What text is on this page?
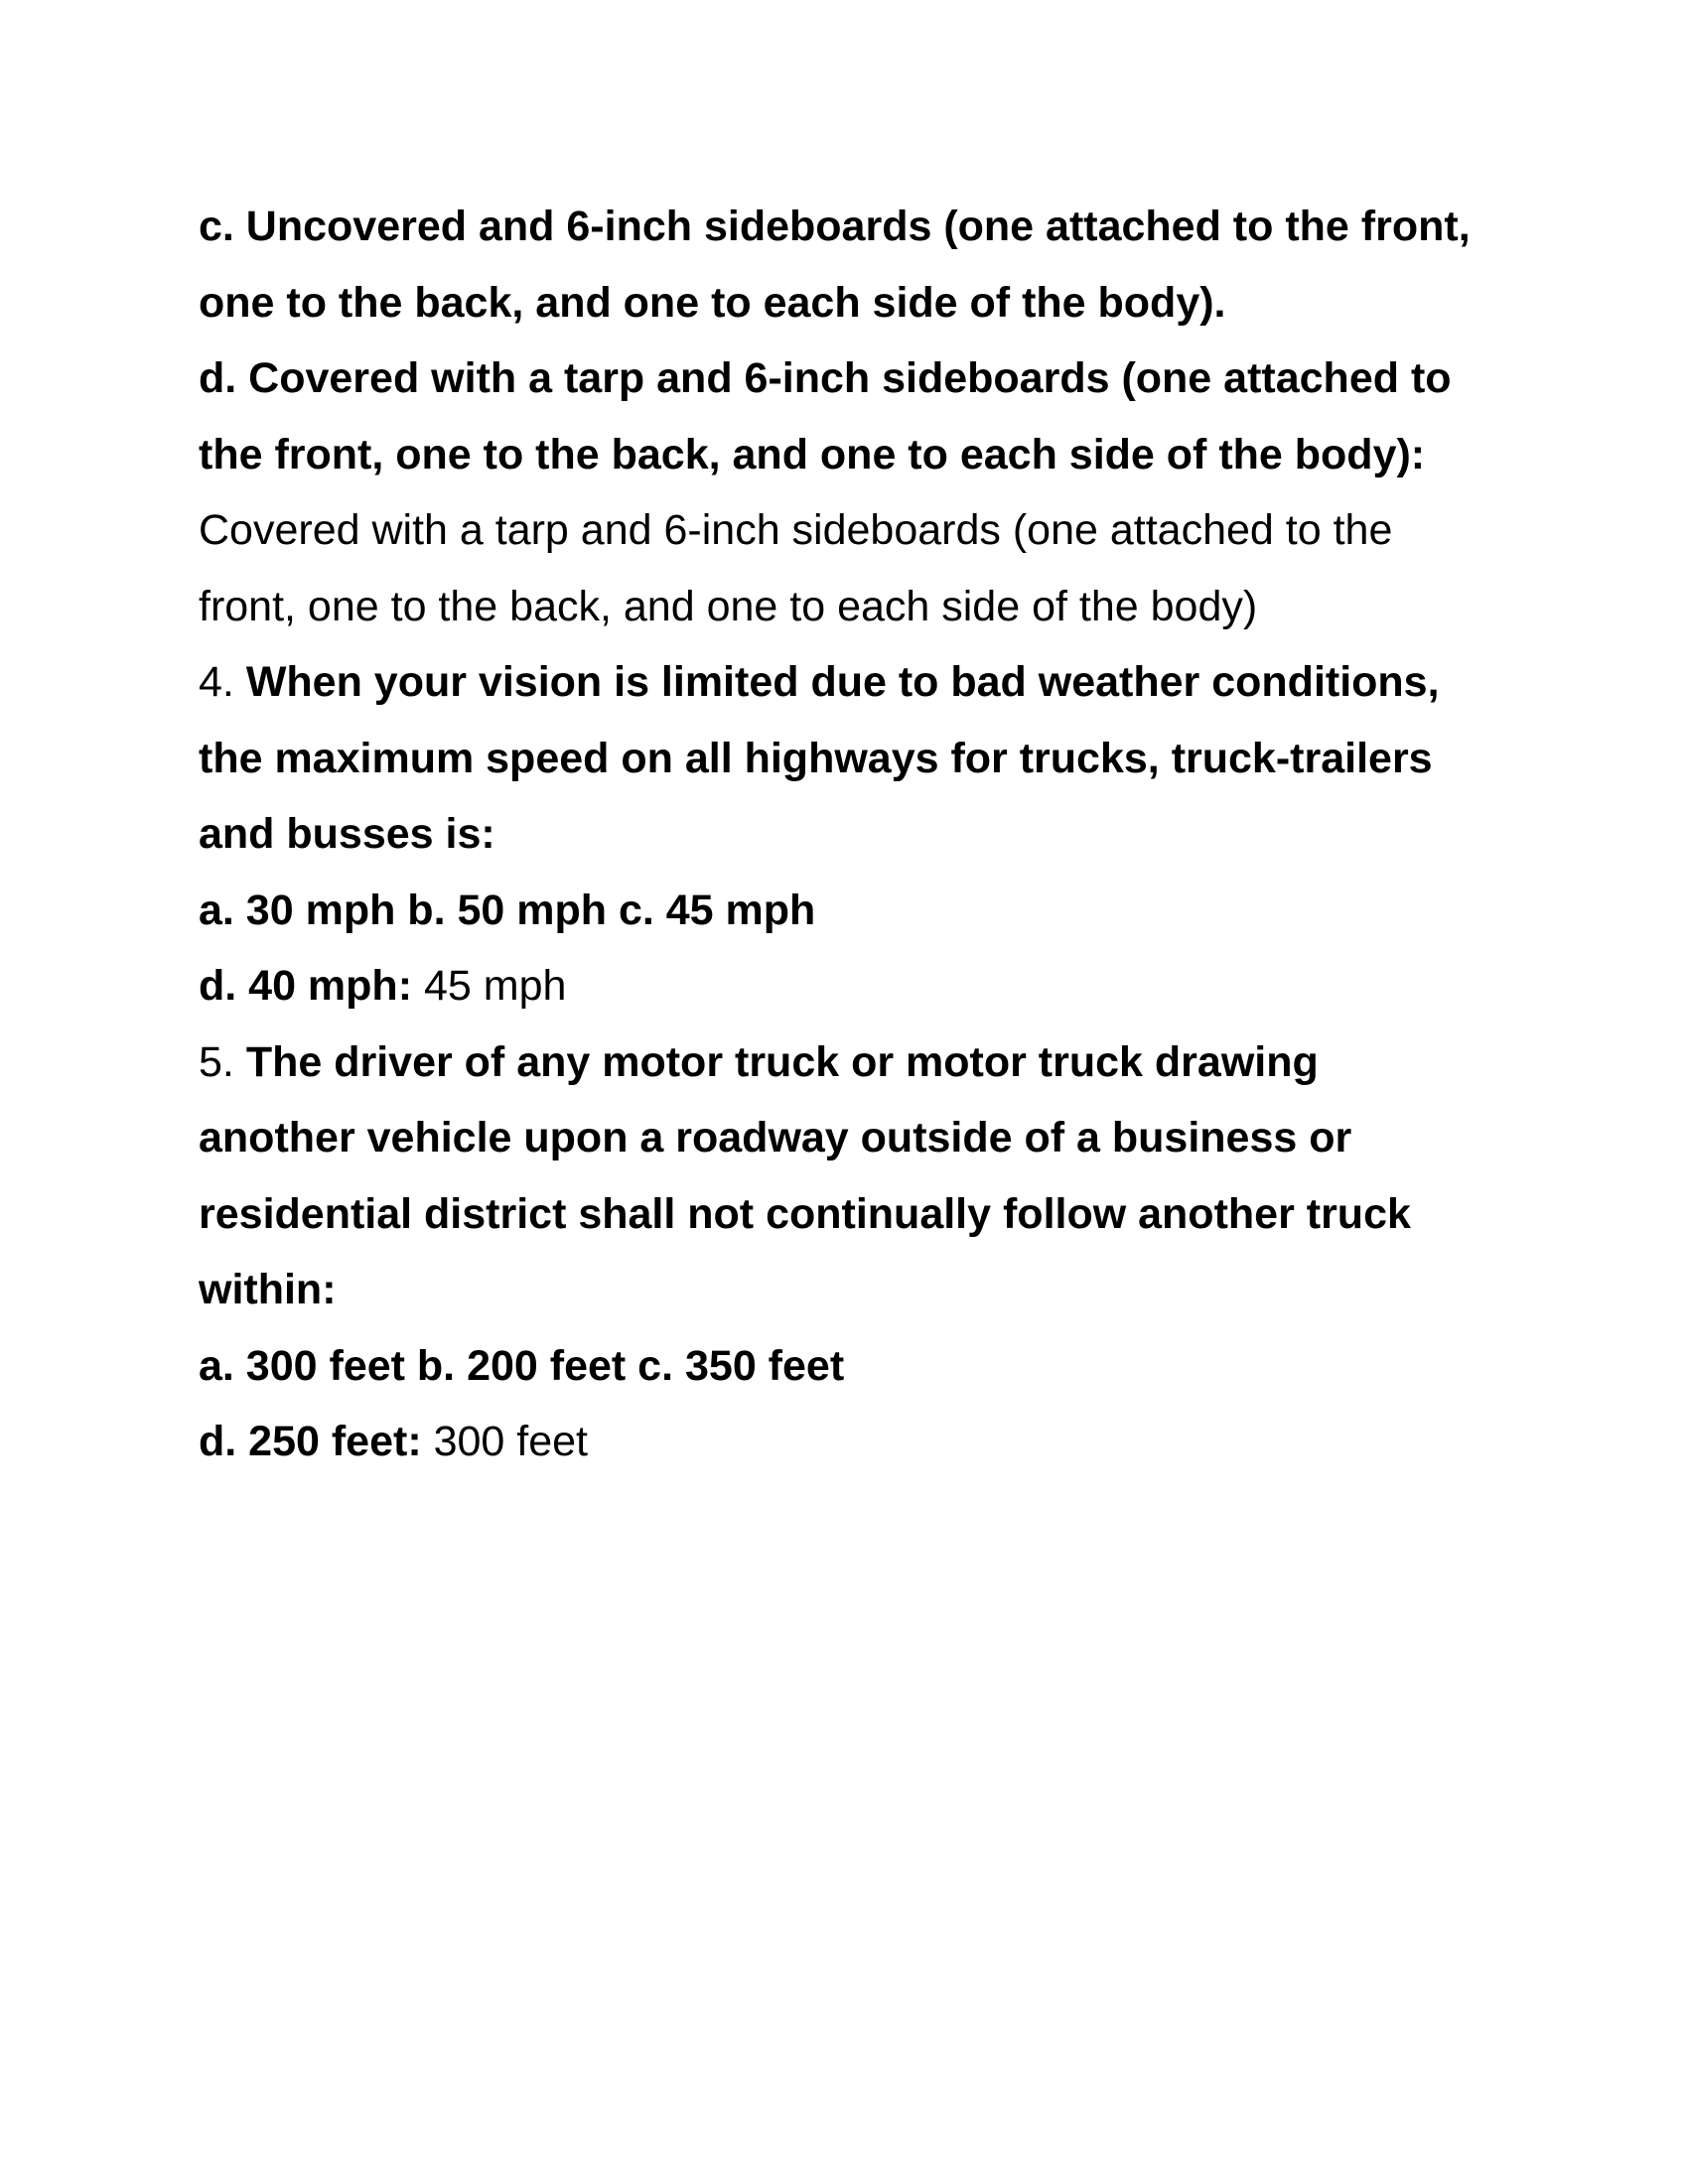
c. Uncovered and 6-inch sideboards (one attached to the front,
one to the back, and one to each side of the body).
d. Covered with a tarp and 6-inch sideboards (one attached to
the front, one to the back, and one to each side of the body):
Covered with a tarp and 6-inch sideboards (one attached to the
front, one to the back, and one to each side of the body)
4. When your vision is limited due to bad weather conditions,
the maximum speed on all highways for trucks, truck-trailers
and busses is:
a. 30 mph b. 50 mph c. 45 mph
d. 40 mph: 45 mph
5. The driver of any motor truck or motor truck drawing
another vehicle upon a roadway outside of a business or
residential district shall not continually follow another truck
within:
a. 300 feet b. 200 feet c. 350 feet
d. 250 feet: 300 feet
